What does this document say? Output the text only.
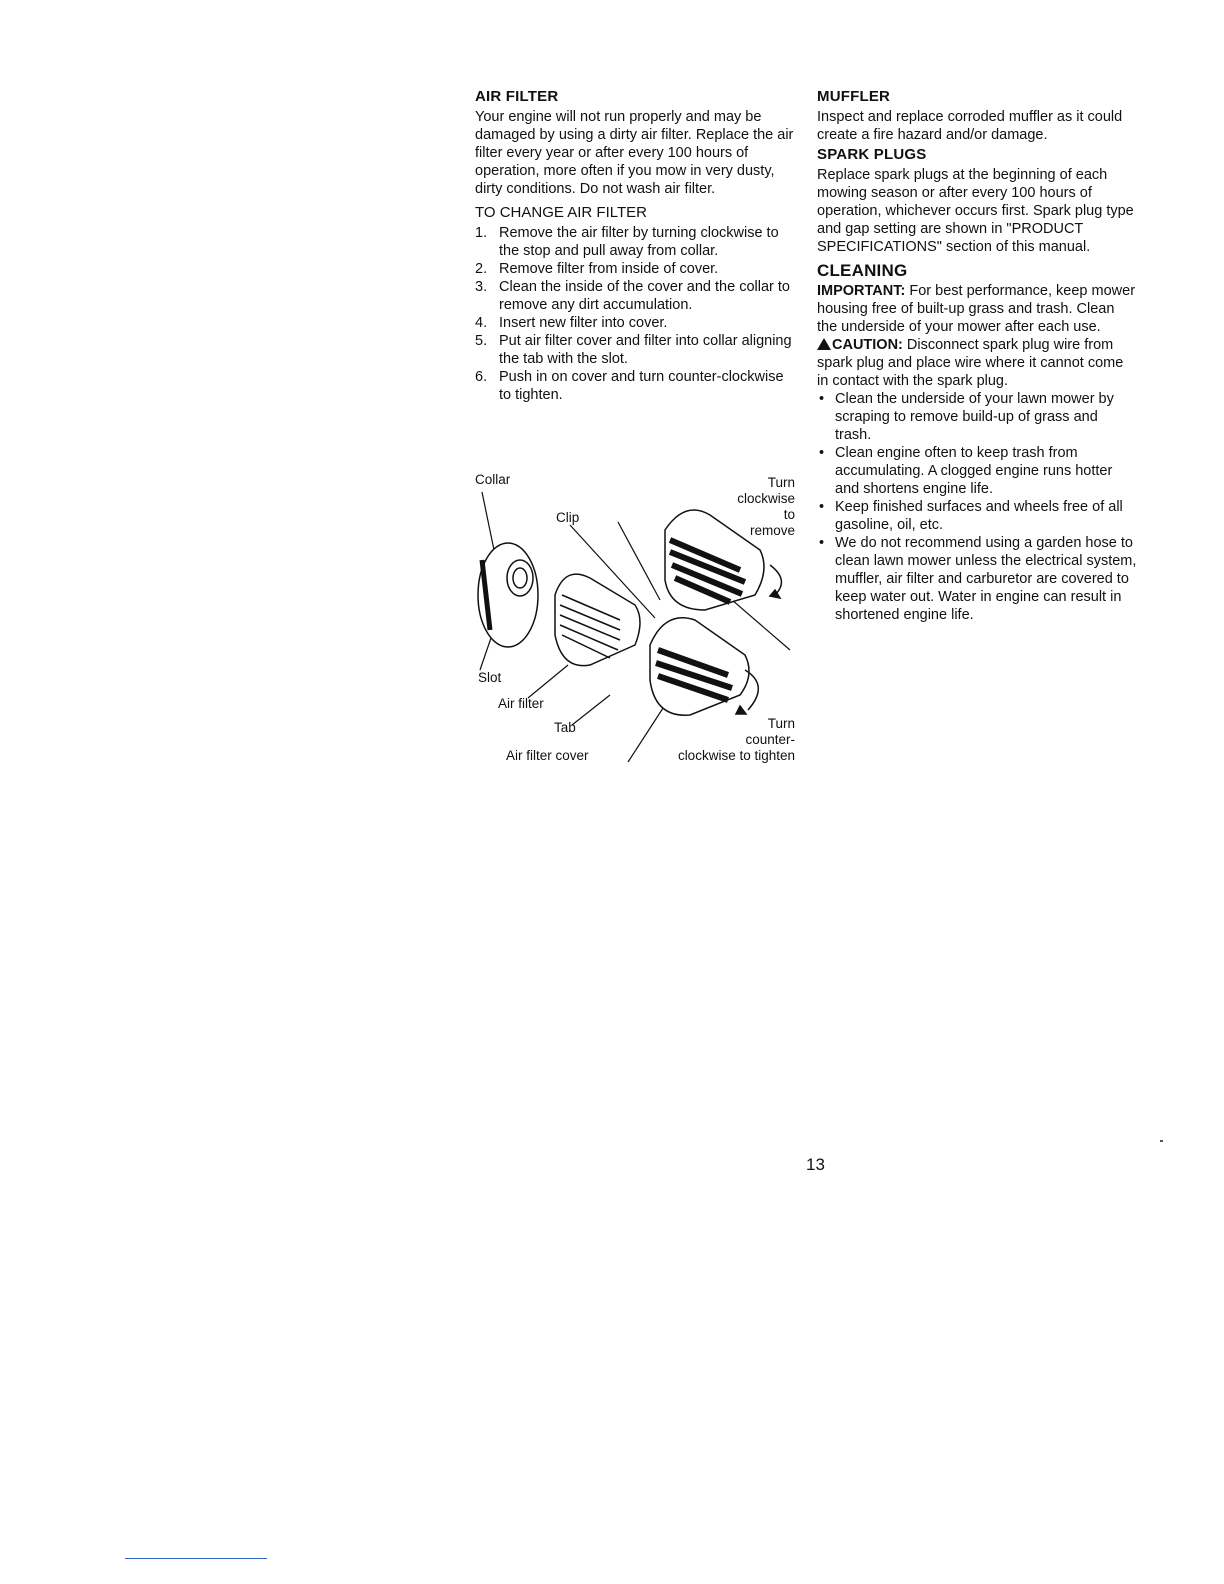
AIR FILTER

Your engine will not run properly and may be damaged by using a dirty air filter. Replace the air filter every year or after every 100 hours of operation, more often if you mow in very dusty, dirty conditions. Do not wash air filter.

TO CHANGE AIR FILTER
1. Remove the air filter by turning clockwise to the stop and pull away from collar.
2. Remove filter from inside of cover.
3. Clean the inside of the cover and the collar to remove any dirt accumulation.
4. Insert new filter into cover.
5. Put air filter cover and filter into collar aligning the tab with the slot.
6. Push in on cover and turn counter-clockwise to tighten.
Collar
Clip
Turn
clockwise
to
remove
Slot
Air filter
Tab
Air filter cover
Turn
counter-
clockwise to tighten
MUFFLER

Inspect and replace corroded muffler as it could create a fire hazard and/or damage.

SPARK PLUGS

Replace spark plugs at the beginning of each mowing season or after every 100 hours of operation, whichever occurs first. Spark plug type and gap setting are shown in "PRODUCT SPECIFICATIONS" section of this manual.

CLEANING

IMPORTANT: For best performance, keep mower housing free of built-up grass and trash. Clean the underside of your mower after each use.

CAUTION: Disconnect spark plug wire from spark plug and place wire where it cannot come in contact with the spark plug.

• Clean the underside of your lawn mower by scraping to remove build-up of grass and trash.
• Clean engine often to keep trash from accumulating. A clogged engine runs hotter and shortens engine life.
• Keep finished surfaces and wheels free of all gasoline, oil, etc.
• We do not recommend using a garden hose to clean lawn mower unless the electrical system, muffler, air filter and carburetor are covered to keep water out. Water in engine can result in shortened engine life.
13
